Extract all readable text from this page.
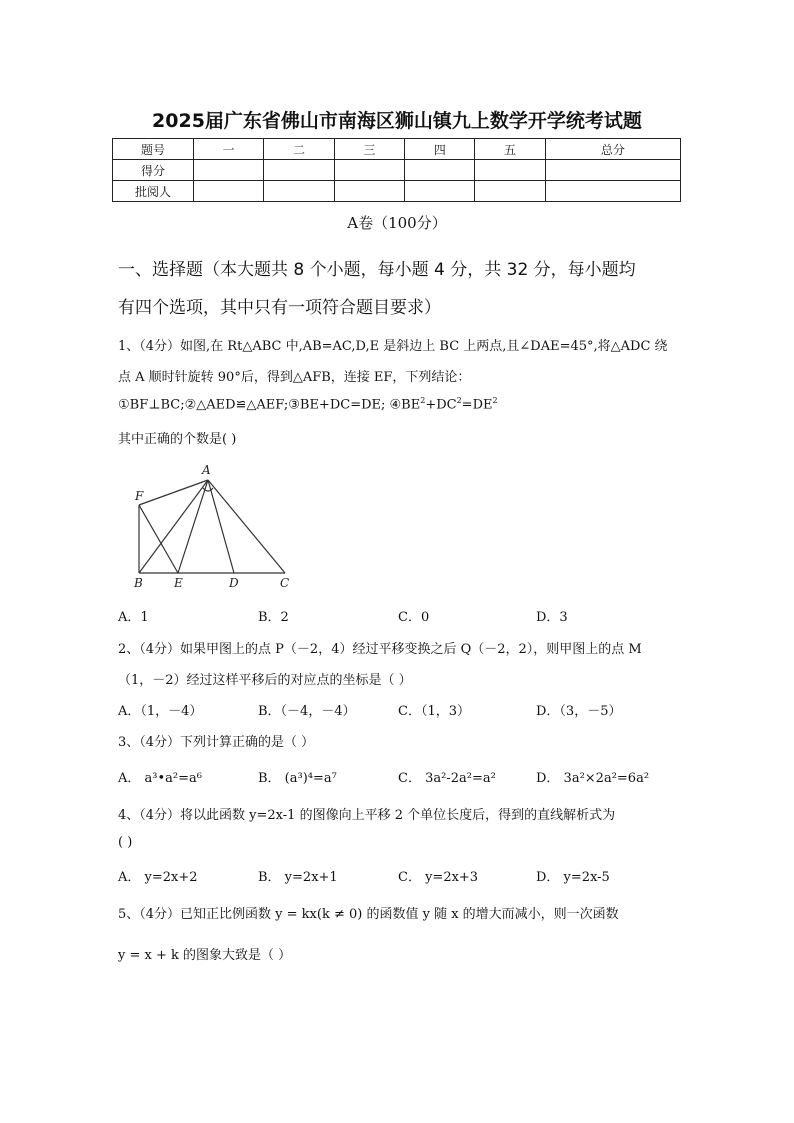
2025届广东省佛山市南海区狮山镇九上数学开学统考试题
题号	一	二	三	四	五	总分
得分						
批阅人						
A卷（100分）
一、选择题（本大题共 8 个小题，每小题 4 分，共 32 分，每小题均
有四个选项，其中只有一项符合题目要求）
1、（4分）如图,在 Rt△ABC 中,AB=AC,D,E 是斜边上 BC 上两点,且∠DAE=45°,将△ADC 绕
点 A 顺时针旋转 90°后，得到△AFB，连接 EF，下列结论：
①BF⊥BC;②△AED≌△AEF;③BE+DC=DE; $④BE^2+DC^2=DE^2$
其中正确的个数是( )
A
F
B	E	D	C
A．1	B．2	C．0	D．3
2、（4分）如果甲图上的点 P（－2，4）经过平移变换之后 Q（－2，2），则甲图上的点 M
（1，－2）经过这样平移后的对应点的坐标是（ ）
A．（1，－4）	B．（－4，－4）	C．（1，3）	D．（3，－5）
3、（4分）下列计算正确的是（ ）
A． a³•a²=a⁶	B． (a³)⁴=a⁷	C． 3a²-2a²=a²	D． 3a²×2a²=6a²
4、（4分）将以此函数 y=2x-1 的图像向上平移 2 个单位长度后，得到的直线解析式为
( )
A． y=2x+2	B． y=2x+1	C． y=2x+3	D． y=2x-5
5、（4分）已知正比例函数 y = kx(k ≠ 0) 的函数值 y 随 x 的增大而减小，则一次函数
y = x + k 的图象大致是（ ）
